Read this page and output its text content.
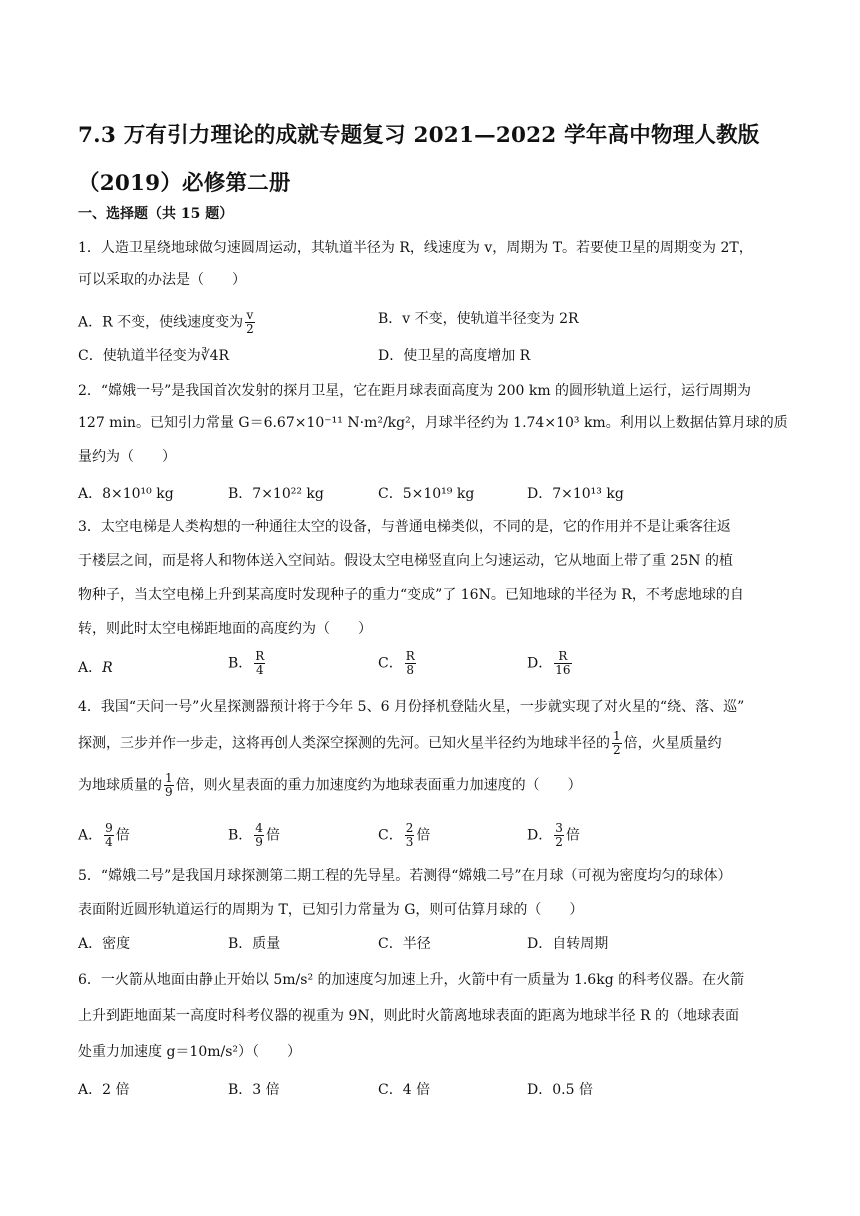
7.3 万有引力理论的成就专题复习 2021—2022 学年高中物理人教版
（2019）必修第二册
一、选择题（共 15 题）
1．人造卫星绕地球做匀速圆周运动，其轨道半径为 R，线速度为 v，周期为 T。若要使卫星的周期变为 2T，
可以采取的办法是（　　）
A．R 不变，使线速度变为 $\frac{v}{2}$	B．v 不变，使轨道半径变为 2R
C．使轨道半径变为∛4R	D．使卫星的高度增加 R
2．“嫦娥一号”是我国首次发射的探月卫星，它在距月球表面高度为 200 km 的圆形轨道上运行，运行周期为
127 min。已知引力常量 G＝6.67×10⁻¹¹ N·m²/kg²，月球半径约为 1.74×10³ km。利用以上数据估算月球的质
量约为（　　）
A．8×10¹⁰ kg	B．7×10²² kg	C．5×10¹⁹ kg	D．7×10¹³ kg
3．太空电梯是人类构想的一种通往太空的设备，与普通电梯类似，不同的是，它的作用并不是让乘客往返
于楼层之间，而是将人和物体送入空间站。假设太空电梯竖直向上匀速运动，它从地面上带了重 25N 的植
物种子，当太空电梯上升到某高度时发现种子的重力“变成”了 16N。已知地球的半径为 R，不考虑地球的自
转，则此时太空电梯距地面的高度约为（　　）
A．R	B． $\frac{R}{4}$	C． $\frac{R}{8}$	D． $\frac{R}{16}$
4．我国“天问一号”火星探测器预计将于今年 5、6 月份择机登陆火星，一步就实现了对火星的“绕、落、巡”
探测，三步并作一步走，这将再创人类深空探测的先河。已知火星半径约为地球半径的 $\frac{1}{2}$ 倍，火星质量约
为地球质量的 $\frac{1}{9}$ 倍，则火星表面的重力加速度约为地球表面重力加速度的（　　）
A． $\frac{9}{4}$ 倍	B． $\frac{4}{9}$ 倍	C． $\frac{2}{3}$ 倍	D． $\frac{3}{2}$ 倍
5．“嫦娥二号”是我国月球探测第二期工程的先导星。若测得“嫦娥二号”在月球（可视为密度均匀的球体）
表面附近圆形轨道运行的周期为 T，已知引力常量为 G，则可估算月球的（　　）
A．密度	B．质量	C．半径	D．自转周期
6．一火箭从地面由静止开始以 5m/s² 的加速度匀加速上升，火箭中有一质量为 1.6kg 的科考仪器。在火箭
上升到距地面某一高度时科考仪器的视重为 9N，则此时火箭离地球表面的距离为地球半径 R 的（地球表面
处重力加速度 g＝10m/s²）（　　）
A．2 倍	B．3 倍	C．4 倍	D．0.5 倍
